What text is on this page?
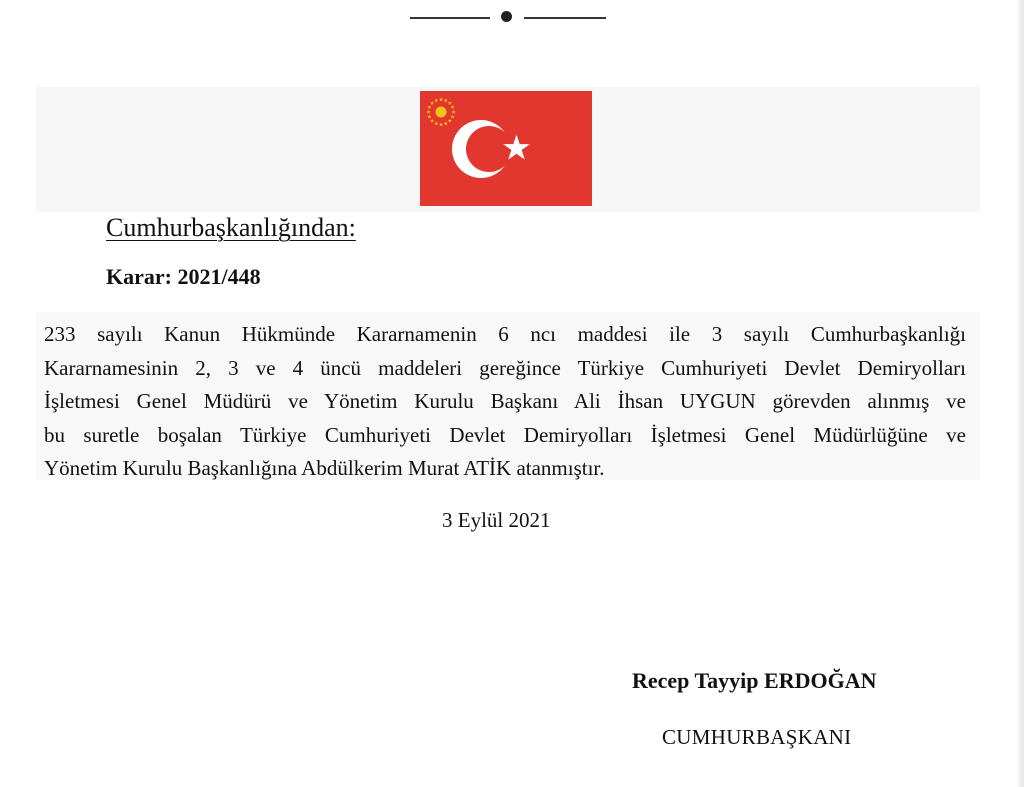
Cumhurbaşkanlığından:
Karar: 2021/448
233 sayılı Kanun Hükmünde Kararnamenin 6 ncı maddesi ile 3 sayılı Cumhurbaşkanlığı
Kararnamesinin 2, 3 ve 4 üncü maddeleri gereğince Türkiye Cumhuriyeti Devlet Demiryolları
İşletmesi Genel Müdürü ve Yönetim Kurulu Başkanı Ali İhsan UYGUN görevden alınmış ve
bu suretle boşalan Türkiye Cumhuriyeti Devlet Demiryolları İşletmesi Genel Müdürlüğüne ve
Yönetim Kurulu Başkanlığına Abdülkerim Murat ATİK atanmıştır.
3 Eylül 2021
Recep Tayyip ERDOĞAN
CUMHURBAŞKANI
